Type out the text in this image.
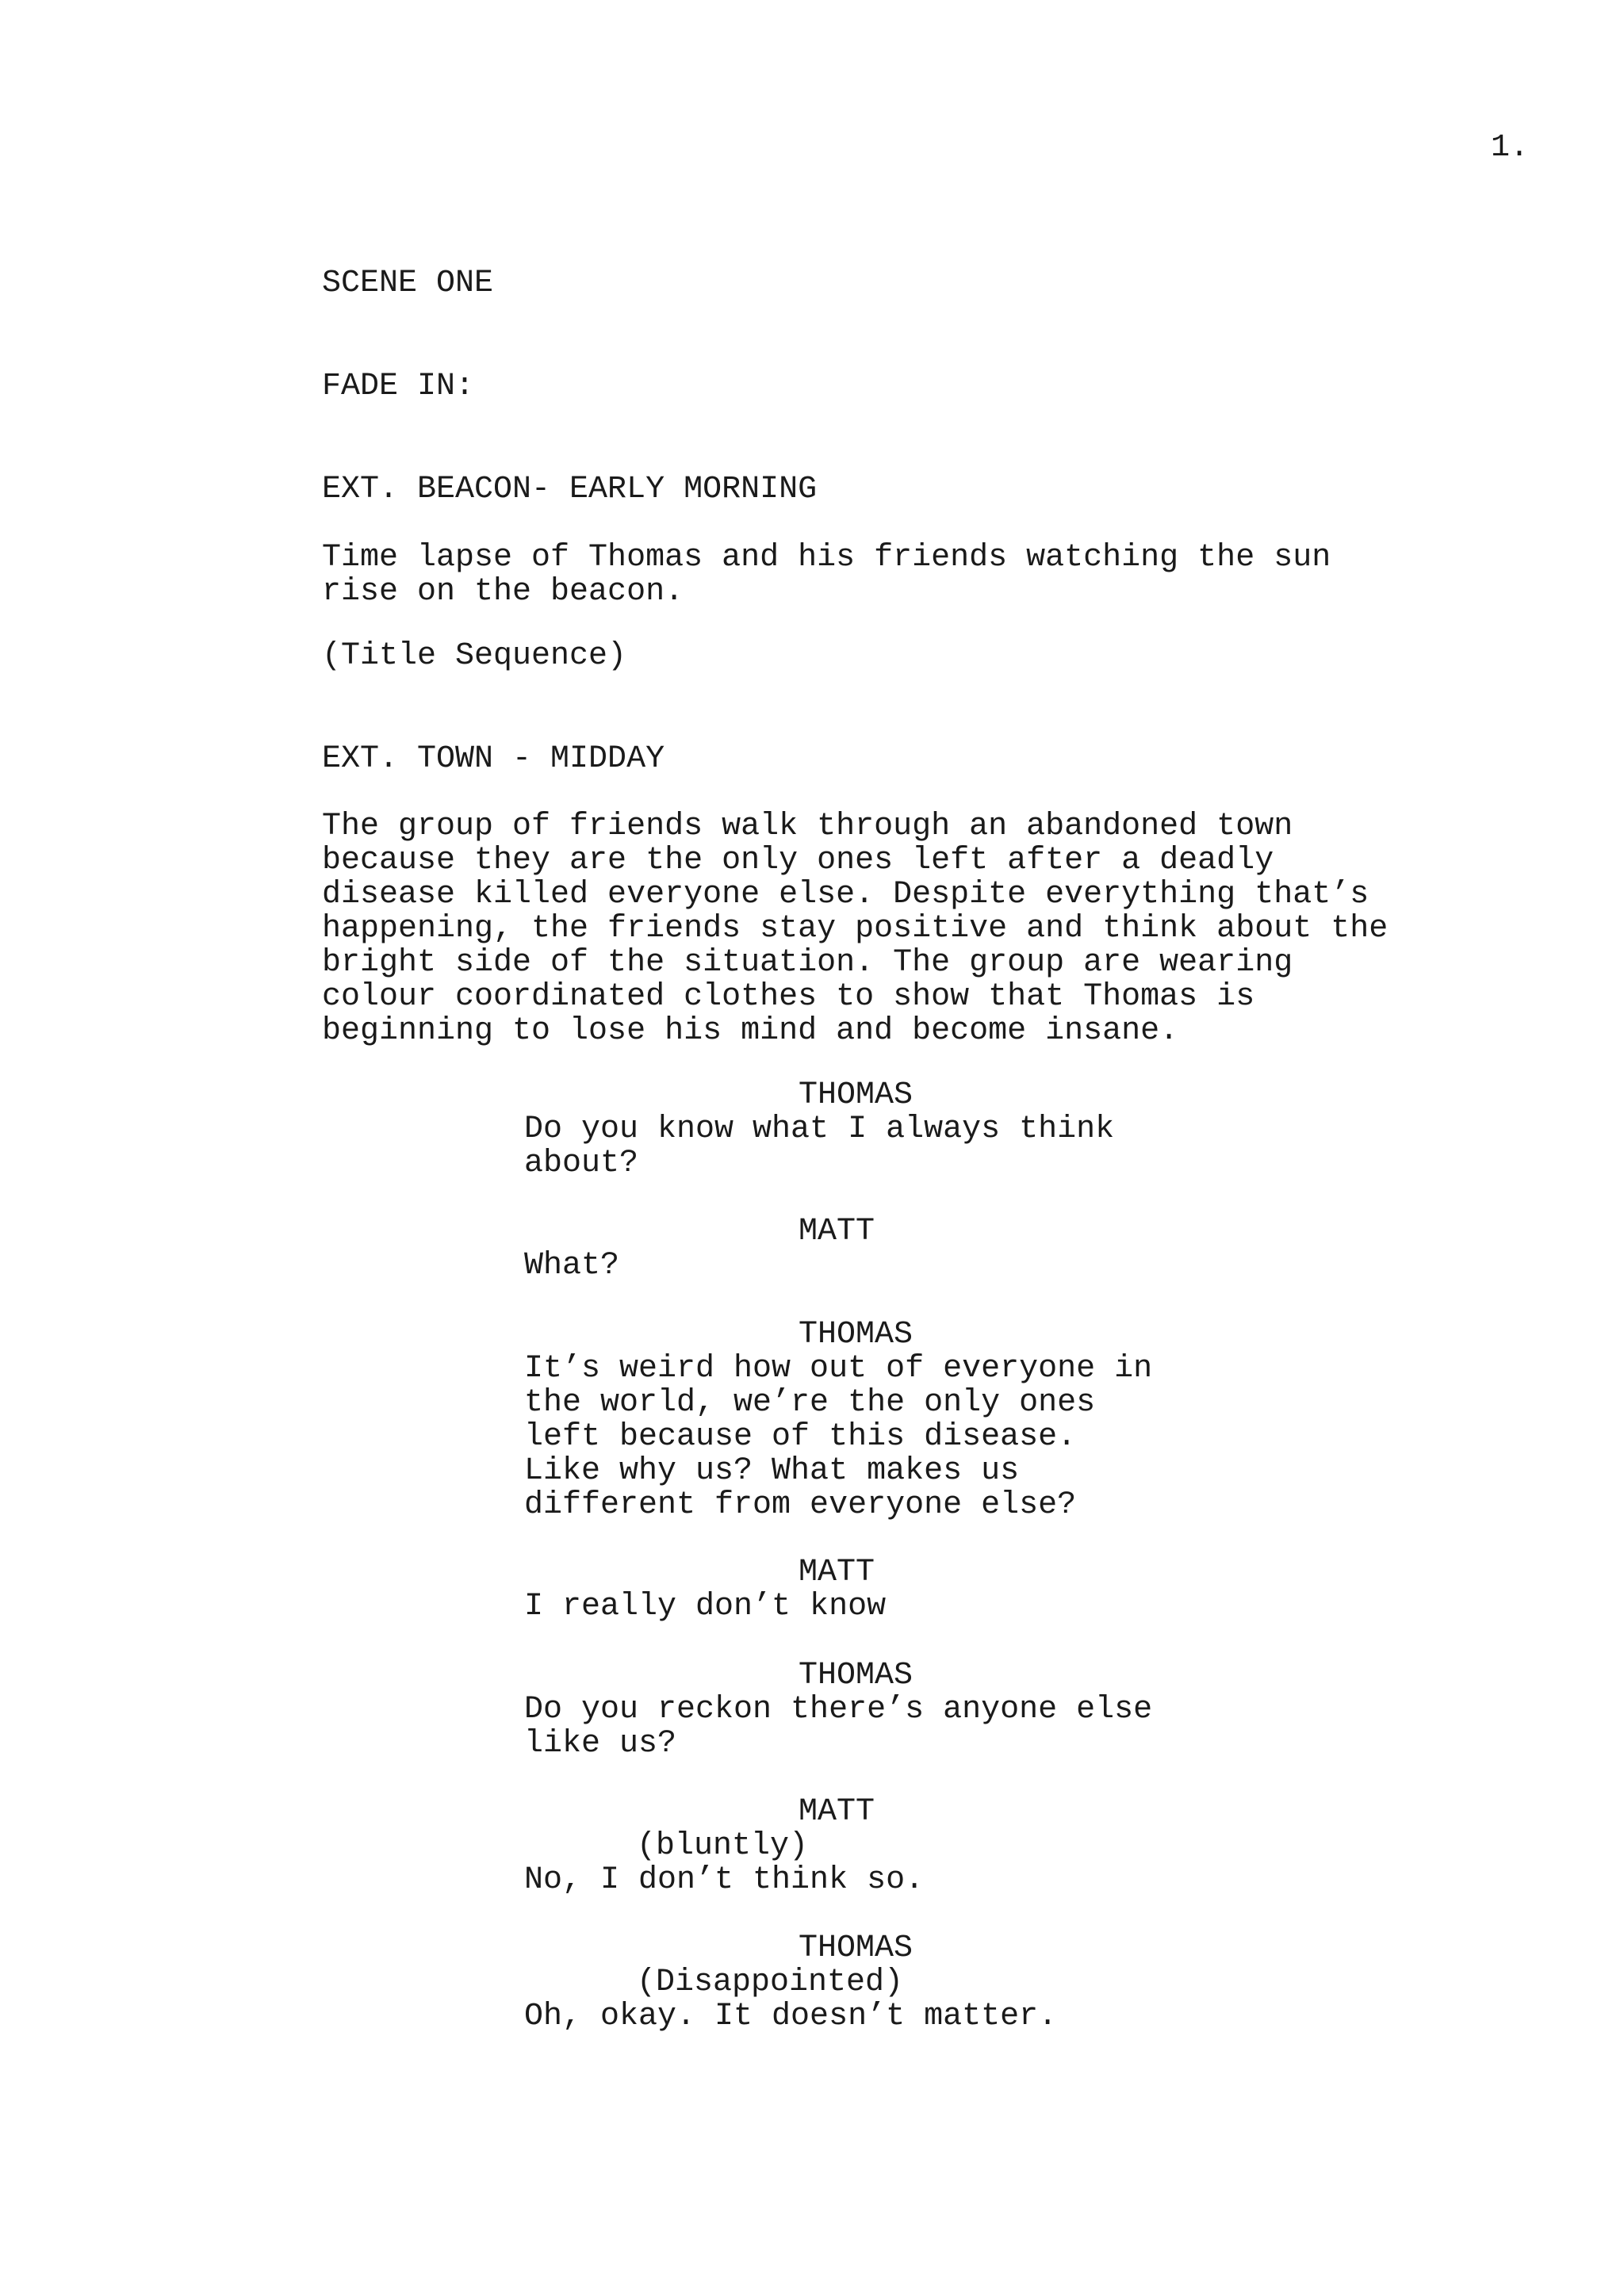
1.

SCENE ONE

FADE IN:

EXT. BEACON- EARLY MORNING

Time lapse of Thomas and his friends watching the sun
rise on the beacon.

(Title Sequence)

EXT. TOWN - MIDDAY

The group of friends walk through an abandoned town
because they are the only ones left after a deadly
disease killed everyone else. Despite everything that’s
happening, the friends stay positive and think about the
bright side of the situation. The group are wearing
colour coordinated clothes to show that Thomas is
beginning to lose his mind and become insane.

THOMAS

Do you know what I always think
about?

MATT

What?

THOMAS

It’s weird how out of everyone in
the world, we’re the only ones
left because of this disease.
Like why us? What makes us
different from everyone else?

MATT

I really don’t know

THOMAS

Do you reckon there’s anyone else
like us?

MATT

(bluntly)

No, I don’t think so.

THOMAS

(Disappointed)

Oh, okay. It doesn’t matter.
